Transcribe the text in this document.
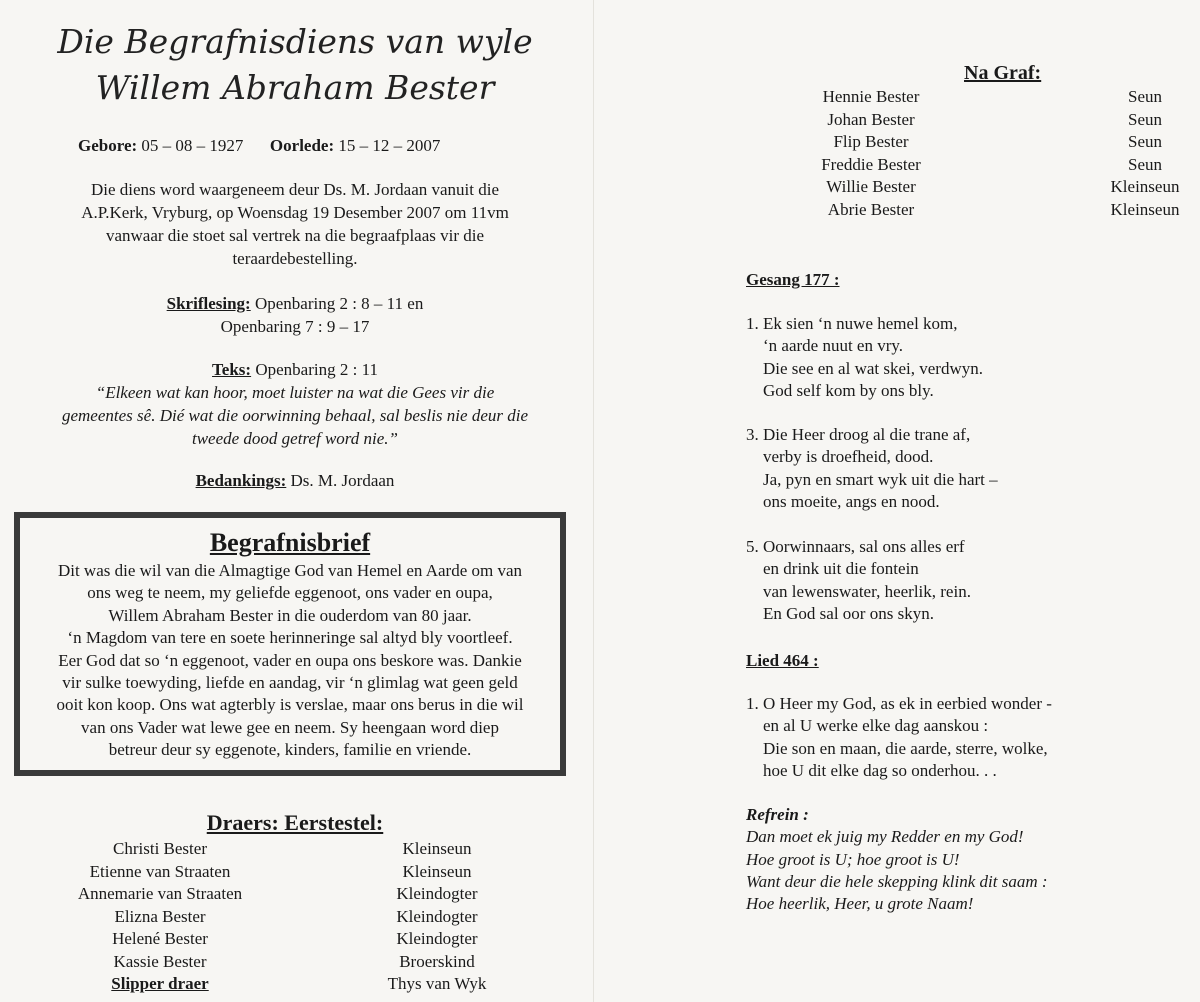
Die Begrafnisdiens van wyle
Willem Abraham Bester
Gebore: 05 – 08 – 1927 Oorlede: 15 – 12 – 2007
Die diens word waargeneem deur Ds. M. Jordaan vanuit die
A.P.Kerk, Vryburg, op Woensdag 19 Desember 2007 om 11vm
vanwaar die stoet sal vertrek na die begraafplaas vir die
teraardebestelling.
Skriflesing: Openbaring 2 : 8 – 11 en
Openbaring 7 : 9 – 17
Teks: Openbaring 2 : 11
“Elkeen wat kan hoor, moet luister na wat die Gees vir die
gemeentes sê. Dié wat die oorwinning behaal, sal beslis nie deur die
tweede dood getref word nie.”
Bedankings: Ds. M. Jordaan
Begrafnisbrief
Dit was die wil van die Almagtige God van Hemel en Aarde om van
ons weg te neem, my geliefde eggenoot, ons vader en oupa,
Willem Abraham Bester in die ouderdom van 80 jaar.
‘n Magdom van tere en soete herinneringe sal altyd bly voortleef.
Eer God dat so ‘n eggenoot, vader en oupa ons beskore was. Dankie
vir sulke toewyding, liefde en aandag, vir ‘n glimlag wat geen geld
ooit kon koop. Ons wat agterbly is verslae, maar ons berus in die wil
van ons Vader wat lewe gee en neem. Sy heengaan word diep
betreur deur sy eggenote, kinders, familie en vriende.
Draers: Eerstestel:
Christi Bester
Etienne van Straaten
Annemarie van Straaten
Elizna Bester
Helené Bester
Kassie Bester
Slipper draer
Kleinseun
Kleinseun
Kleindogter
Kleindogter
Kleindogter
Broerskind
Thys van Wyk
Na Graf:
Hennie Bester
Johan Bester
Flip Bester
Freddie Bester
Willie Bester
Abrie Bester
Seun
Seun
Seun
Seun
Kleinseun
Kleinseun
Gesang 177 :
1. Ek sien ‘n nuwe hemel kom,
‘n aarde nuut en vry.
Die see en al wat skei, verdwyn.
God self kom by ons bly.
3. Die Heer droog al die trane af,
verby is droefheid, dood.
Ja, pyn en smart wyk uit die hart –
ons moeite, angs en nood.
5. Oorwinnaars, sal ons alles erf
en drink uit die fontein
van lewenswater, heerlik, rein.
En God sal oor ons skyn.
Lied 464 :
1. O Heer my God, as ek in eerbied wonder -
en al U werke elke dag aanskou :
Die son en maan, die aarde, sterre, wolke,
hoe U dit elke dag so onderhou. . .
Refrein :
Dan moet ek juig my Redder en my God!
Hoe groot is U; hoe groot is U!
Want deur die hele skepping klink dit saam :
Hoe heerlik, Heer, u grote Naam!
